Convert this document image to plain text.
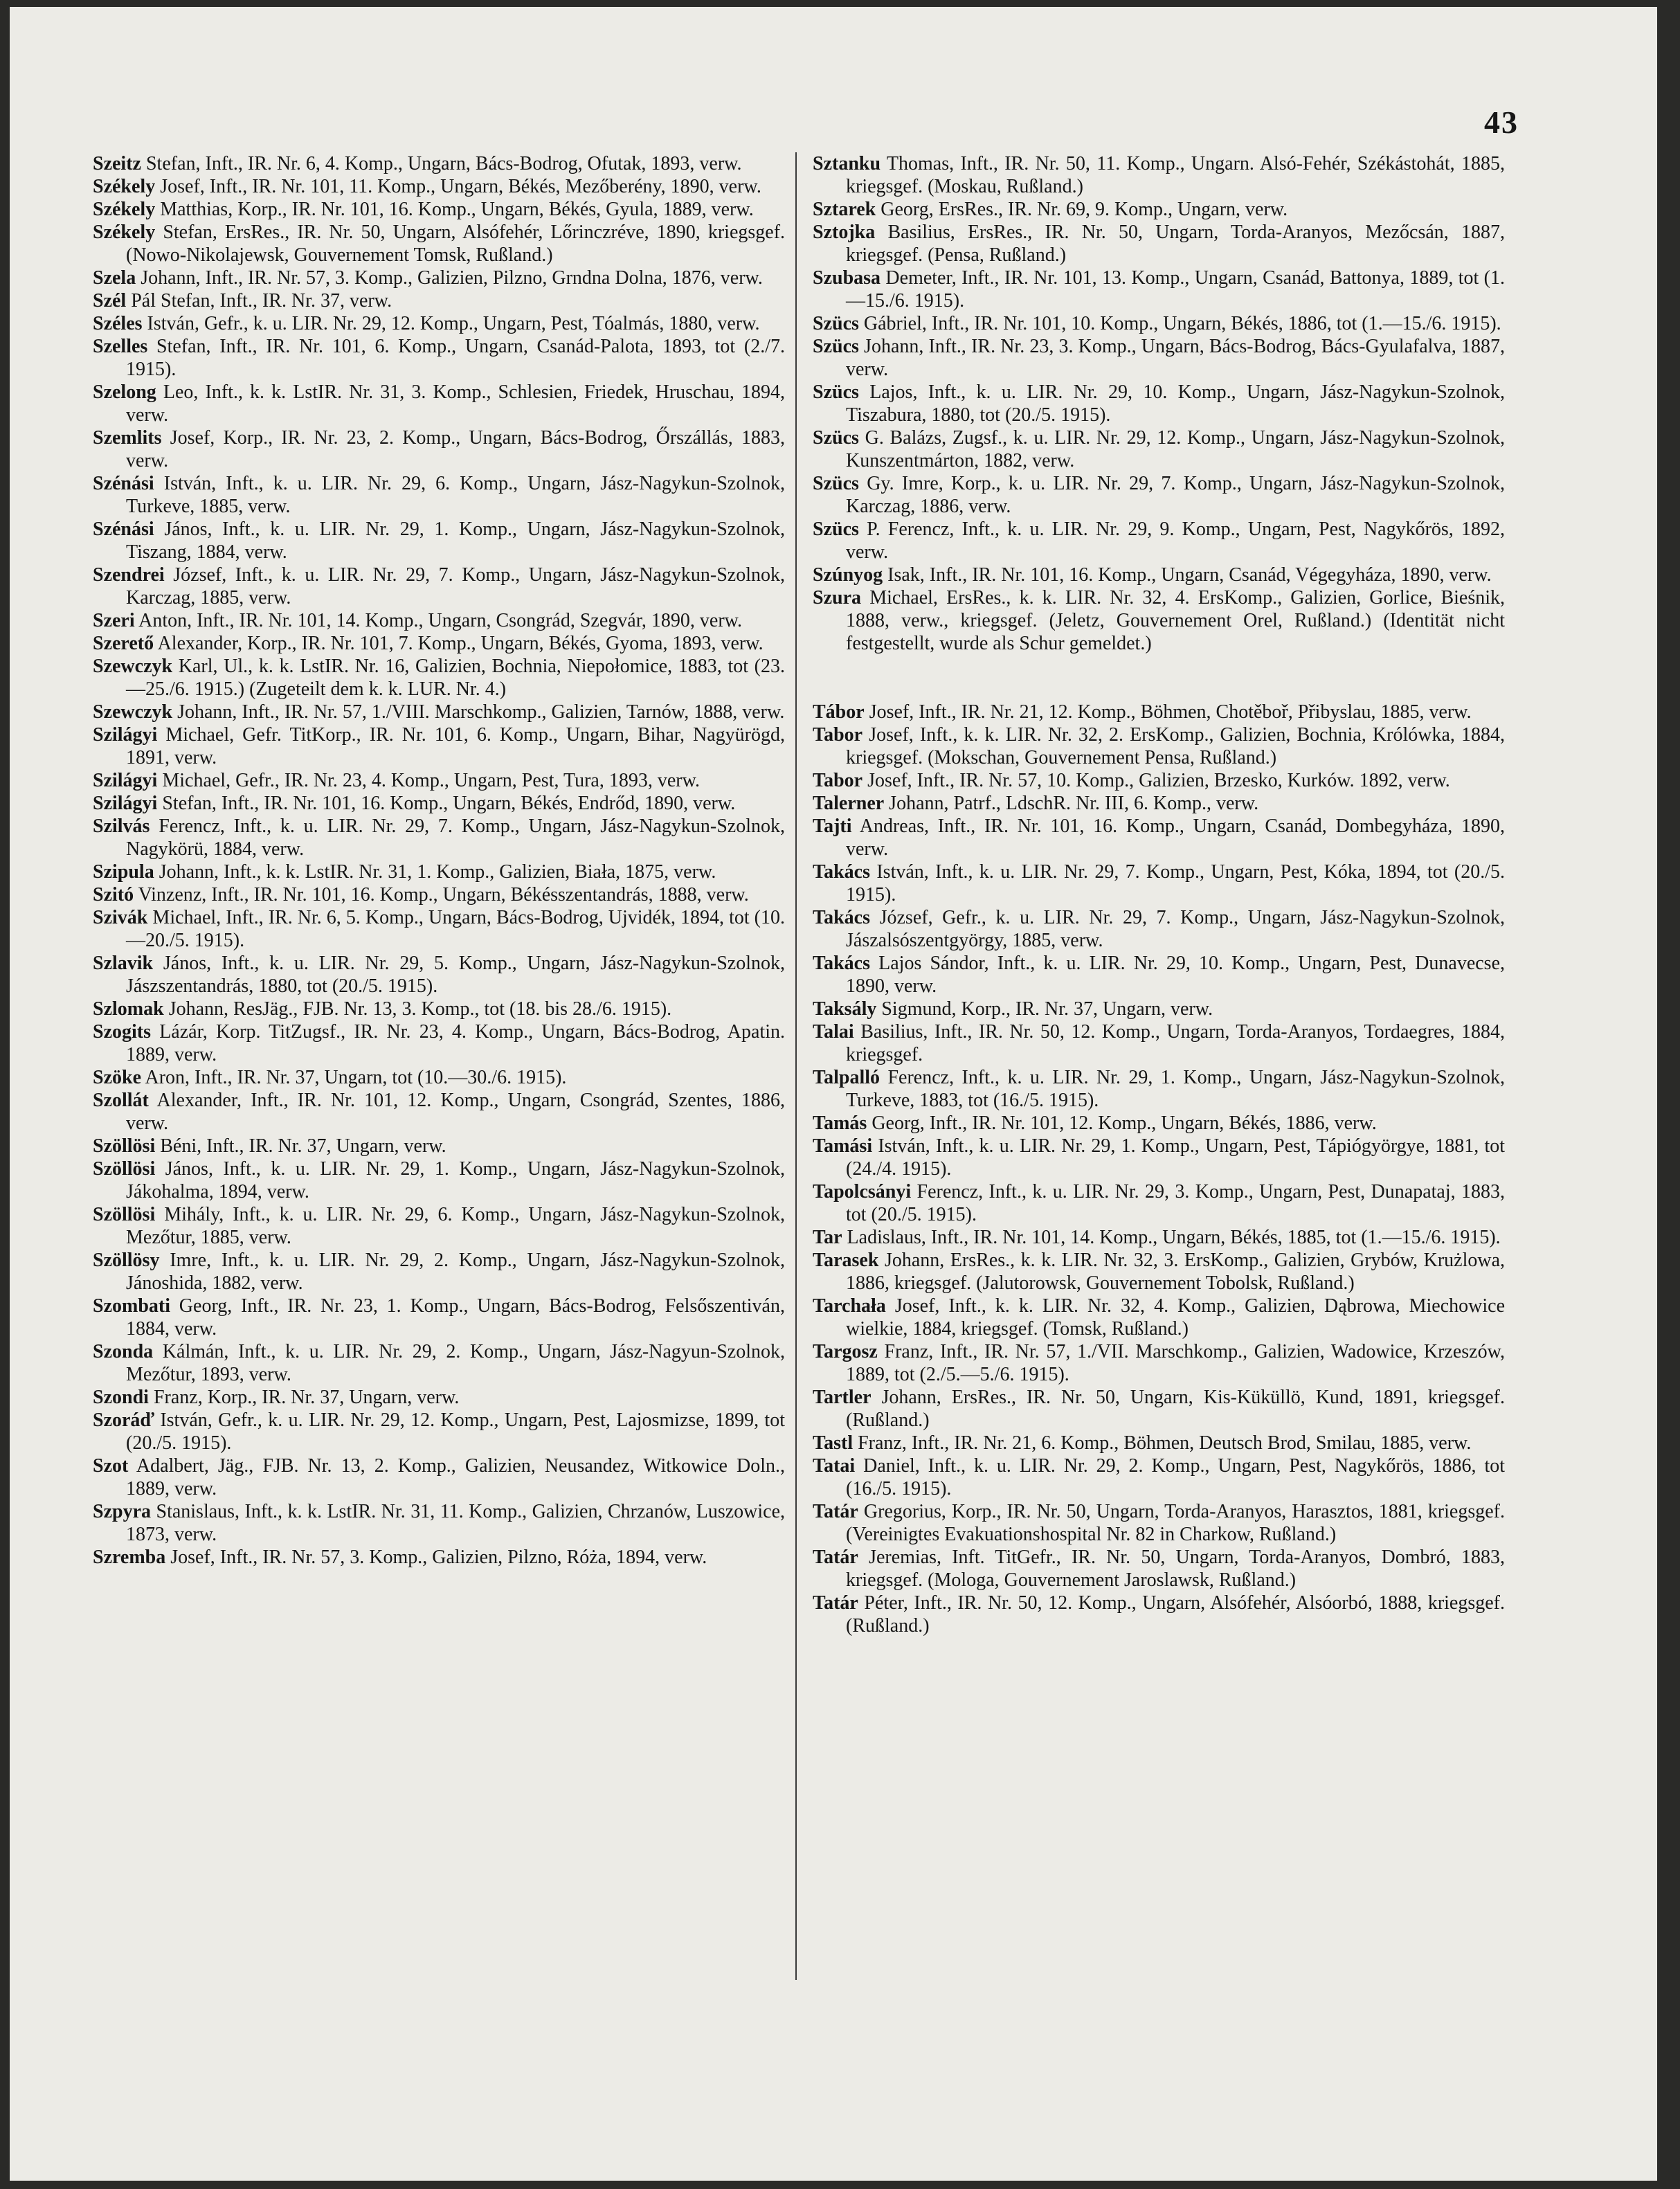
43
Szeitz Stefan, Inft., IR. Nr. 6, 4. Komp., Ungarn, Bács-Bodrog, Ofutak, 1893, verw.
Székely Josef, Inft., IR. Nr. 101, 11. Komp., Ungarn, Békés, Mezőberény, 1890, verw.
Székely Matthias, Korp., IR. Nr. 101, 16. Komp., Ungarn, Békés, Gyula, 1889, verw.
Székely Stefan, ErsRes., IR. Nr. 50, Ungarn, Alsófehér, Lőrinczréve, 1890, kriegsgef. (Nowo-Nikolajewsk, Gouvernement Tomsk, Rußland.)
Szela Johann, Inft., IR. Nr. 57, 3. Komp., Galizien, Pilzno, Grndna Dolna, 1876, verw.
Szél Pál Stefan, Inft., IR. Nr. 37, verw.
Széles István, Gefr., k. u. LIR. Nr. 29, 12. Komp., Ungarn, Pest, Tóalmás, 1880, verw.
Szelles Stefan, Inft., IR. Nr. 101, 6. Komp., Ungarn, Csanád-Palota, 1893, tot (2./7. 1915).
Szelong Leo, Inft., k. k. LstIR. Nr. 31, 3. Komp., Schlesien, Friedek, Hruschau, 1894, verw.
Szemlits Josef, Korp., IR. Nr. 23, 2. Komp., Ungarn, Bács-Bodrog, Őrszállás, 1883, verw.
Szénási István, Inft., k. u. LIR. Nr. 29, 6. Komp., Ungarn, Jász-Nagykun-Szolnok, Turkeve, 1885, verw.
Szénási János, Inft., k. u. LIR. Nr. 29, 1. Komp., Ungarn, Jász-Nagykun-Szolnok, Tiszang, 1884, verw.
Szendrei József, Inft., k. u. LIR. Nr. 29, 7. Komp., Ungarn, Jász-Nagykun-Szolnok, Karczag, 1885, verw.
Szeri Anton, Inft., IR. Nr. 101, 14. Komp., Ungarn, Csongrád, Szegvár, 1890, verw.
Szerető Alexander, Korp., IR. Nr. 101, 7. Komp., Ungarn, Békés, Gyoma, 1893, verw.
Szewczyk Karl, Ul., k. k. LstIR. Nr. 16, Galizien, Bochnia, Niepołomice, 1883, tot (23.—25./6. 1915.) (Zugeteilt dem k. k. LUR. Nr. 4.)
Szewczyk Johann, Inft., IR. Nr. 57, 1./VIII. Marschkomp., Galizien, Tarnów, 1888, verw.
Szilágyi Michael, Gefr. TitKorp., IR. Nr. 101, 6. Komp., Ungarn, Bihar, Nagyürögd, 1891, verw.
Szilágyi Michael, Gefr., IR. Nr. 23, 4. Komp., Ungarn, Pest, Tura, 1893, verw.
Szilágyi Stefan, Inft., IR. Nr. 101, 16. Komp., Ungarn, Békés, Endrőd, 1890, verw.
Szilvás Ferencz, Inft., k. u. LIR. Nr. 29, 7. Komp., Ungarn, Jász-Nagykun-Szolnok, Nagykörü, 1884, verw.
Szipula Johann, Inft., k. k. LstIR. Nr. 31, 1. Komp., Galizien, Biała, 1875, verw.
Szitó Vinzenz, Inft., IR. Nr. 101, 16. Komp., Ungarn, Békésszentandrás, 1888, verw.
Szivák Michael, Inft., IR. Nr. 6, 5. Komp., Ungarn, Bács-Bodrog, Ujvidék, 1894, tot (10.—20./5. 1915).
Szlavik János, Inft., k. u. LIR. Nr. 29, 5. Komp., Ungarn, Jász-Nagykun-Szolnok, Jászszentandrás, 1880, tot (20./5. 1915).
Szlomak Johann, ResJäg., FJB. Nr. 13, 3. Komp., tot (18. bis 28./6. 1915).
Szogits Lázár, Korp. TitZugsf., IR. Nr. 23, 4. Komp., Ungarn, Bács-Bodrog, Apatin. 1889, verw.
Szöke Aron, Inft., IR. Nr. 37, Ungarn, tot (10.—30./6. 1915).
Szollát Alexander, Inft., IR. Nr. 101, 12. Komp., Ungarn, Csongrád, Szentes, 1886, verw.
Szöllösi Béni, Inft., IR. Nr. 37, Ungarn, verw.
Szöllösi János, Inft., k. u. LIR. Nr. 29, 1. Komp., Ungarn, Jász-Nagykun-Szolnok, Jákohalma, 1894, verw.
Szöllösi Mihály, Inft., k. u. LIR. Nr. 29, 6. Komp., Ungarn, Jász-Nagykun-Szolnok, Mezőtur, 1885, verw.
Szöllösy Imre, Inft., k. u. LIR. Nr. 29, 2. Komp., Ungarn, Jász-Nagykun-Szolnok, Jánoshida, 1882, verw.
Szombati Georg, Inft., IR. Nr. 23, 1. Komp., Ungarn, Bács-Bodrog, Felsőszentiván, 1884, verw.
Szonda Kálmán, Inft., k. u. LIR. Nr. 29, 2. Komp., Ungarn, Jász-Nagyun-Szolnok, Mezőtur, 1893, verw.
Szondi Franz, Korp., IR. Nr. 37, Ungarn, verw.
Szoráď István, Gefr., k. u. LIR. Nr. 29, 12. Komp., Ungarn, Pest, Lajosmizse, 1899, tot (20./5. 1915).
Szot Adalbert, Jäg., FJB. Nr. 13, 2. Komp., Galizien, Neusandez, Witkowice Doln., 1889, verw.
Szpyra Stanislaus, Inft., k. k. LstIR. Nr. 31, 11. Komp., Galizien, Chrzanów, Luszowice, 1873, verw.
Szremba Josef, Inft., IR. Nr. 57, 3. Komp., Galizien, Pilzno, Róża, 1894, verw.
Sztanku Thomas, Inft., IR. Nr. 50, 11. Komp., Ungarn. Alsó-Fehér, Székástohát, 1885, kriegsgef. (Moskau, Rußland.)
Sztarek Georg, ErsRes., IR. Nr. 69, 9. Komp., Ungarn, verw.
Sztojka Basilius, ErsRes., IR. Nr. 50, Ungarn, Torda-Aranyos, Mezőcsán, 1887, kriegsgef. (Pensa, Rußland.)
Szubasa Demeter, Inft., IR. Nr. 101, 13. Komp., Ungarn, Csanád, Battonya, 1889, tot (1.—15./6. 1915).
Szücs Gábriel, Inft., IR. Nr. 101, 10. Komp., Ungarn, Békés, 1886, tot (1.—15./6. 1915).
Szücs Johann, Inft., IR. Nr. 23, 3. Komp., Ungarn, Bács-Bodrog, Bács-Gyulafalva, 1887, verw.
Szücs Lajos, Inft., k. u. LIR. Nr. 29, 10. Komp., Ungarn, Jász-Nagykun-Szolnok, Tiszabura, 1880, tot (20./5. 1915).
Szücs G. Balázs, Zugsf., k. u. LIR. Nr. 29, 12. Komp., Ungarn, Jász-Nagykun-Szolnok, Kunszentmárton, 1882, verw.
Szücs Gy. Imre, Korp., k. u. LIR. Nr. 29, 7. Komp., Ungarn, Jász-Nagykun-Szolnok, Karczag, 1886, verw.
Szücs P. Ferencz, Inft., k. u. LIR. Nr. 29, 9. Komp., Ungarn, Pest, Nagykőrös, 1892, verw.
Szúnyog Isak, Inft., IR. Nr. 101, 16. Komp., Ungarn, Csanád, Végegyháza, 1890, verw.
Szura Michael, ErsRes., k. k. LIR. Nr. 32, 4. ErsKomp., Galizien, Gorlice, Bieśnik, 1888, verw., kriegsgef. (Jeletz, Gouvernement Orel, Rußland.) (Identität nicht festgestellt, wurde als Schur gemeldet.)
Tábor Josef, Inft., IR. Nr. 21, 12. Komp., Böhmen, Chotěboř, Přibyslau, 1885, verw.
Tabor Josef, Inft., k. k. LIR. Nr. 32, 2. ErsKomp., Galizien, Bochnia, Królówka, 1884, kriegsgef. (Mokschan, Gouvernement Pensa, Rußland.)
Tabor Josef, Inft., IR. Nr. 57, 10. Komp., Galizien, Brzesko, Kurków. 1892, verw.
Talerner Johann, Patrf., LdschR. Nr. III, 6. Komp., verw.
Tajti Andreas, Inft., IR. Nr. 101, 16. Komp., Ungarn, Csanád, Dombegyháza, 1890, verw.
Takács István, Inft., k. u. LIR. Nr. 29, 7. Komp., Ungarn, Pest, Kóka, 1894, tot (20./5. 1915).
Takács József, Gefr., k. u. LIR. Nr. 29, 7. Komp., Ungarn, Jász-Nagykun-Szolnok, Jászalsószentgyörgy, 1885, verw.
Takács Lajos Sándor, Inft., k. u. LIR. Nr. 29, 10. Komp., Ungarn, Pest, Dunavecse, 1890, verw.
Taksály Sigmund, Korp., IR. Nr. 37, Ungarn, verw.
Talai Basilius, Inft., IR. Nr. 50, 12. Komp., Ungarn, Torda-Aranyos, Tordaegres, 1884, kriegsgef.
Talpalló Ferencz, Inft., k. u. LIR. Nr. 29, 1. Komp., Ungarn, Jász-Nagykun-Szolnok, Turkeve, 1883, tot (16./5. 1915).
Tamás Georg, Inft., IR. Nr. 101, 12. Komp., Ungarn, Békés, 1886, verw.
Tamási István, Inft., k. u. LIR. Nr. 29, 1. Komp., Ungarn, Pest, Tápiógyörgye, 1881, tot (24./4. 1915).
Tapolcsányi Ferencz, Inft., k. u. LIR. Nr. 29, 3. Komp., Ungarn, Pest, Dunapataj, 1883, tot (20./5. 1915).
Tar Ladislaus, Inft., IR. Nr. 101, 14. Komp., Ungarn, Békés, 1885, tot (1.—15./6. 1915).
Tarasek Johann, ErsRes., k. k. LIR. Nr. 32, 3. ErsKomp., Galizien, Grybów, Krużlowa, 1886, kriegsgef. (Jalutorowsk, Gouvernement Tobolsk, Rußland.)
Tarchała Josef, Inft., k. k. LIR. Nr. 32, 4. Komp., Galizien, Dąbrowa, Miechowice wielkie, 1884, kriegsgef. (Tomsk, Rußland.)
Targosz Franz, Inft., IR. Nr. 57, 1./VII. Marschkomp., Galizien, Wadowice, Krzeszów, 1889, tot (2./5.—5./6. 1915).
Tartler Johann, ErsRes., IR. Nr. 50, Ungarn, Kis-Küküllö, Kund, 1891, kriegsgef. (Rußland.)
Tastl Franz, Inft., IR. Nr. 21, 6. Komp., Böhmen, Deutsch Brod, Smilau, 1885, verw.
Tatai Daniel, Inft., k. u. LIR. Nr. 29, 2. Komp., Ungarn, Pest, Nagykőrös, 1886, tot (16./5. 1915).
Tatár Gregorius, Korp., IR. Nr. 50, Ungarn, Torda-Aranyos, Harasztos, 1881, kriegsgef. (Vereinigtes Evakuationshospital Nr. 82 in Charkow, Rußland.)
Tatár Jeremias, Inft. TitGefr., IR. Nr. 50, Ungarn, Torda-Aranyos, Dombró, 1883, kriegsgef. (Mologa, Gouvernement Jaroslawsk, Rußland.)
Tatár Péter, Inft., IR. Nr. 50, 12. Komp., Ungarn, Alsófehér, Alsóorbó, 1888, kriegsgef. (Rußland.)
